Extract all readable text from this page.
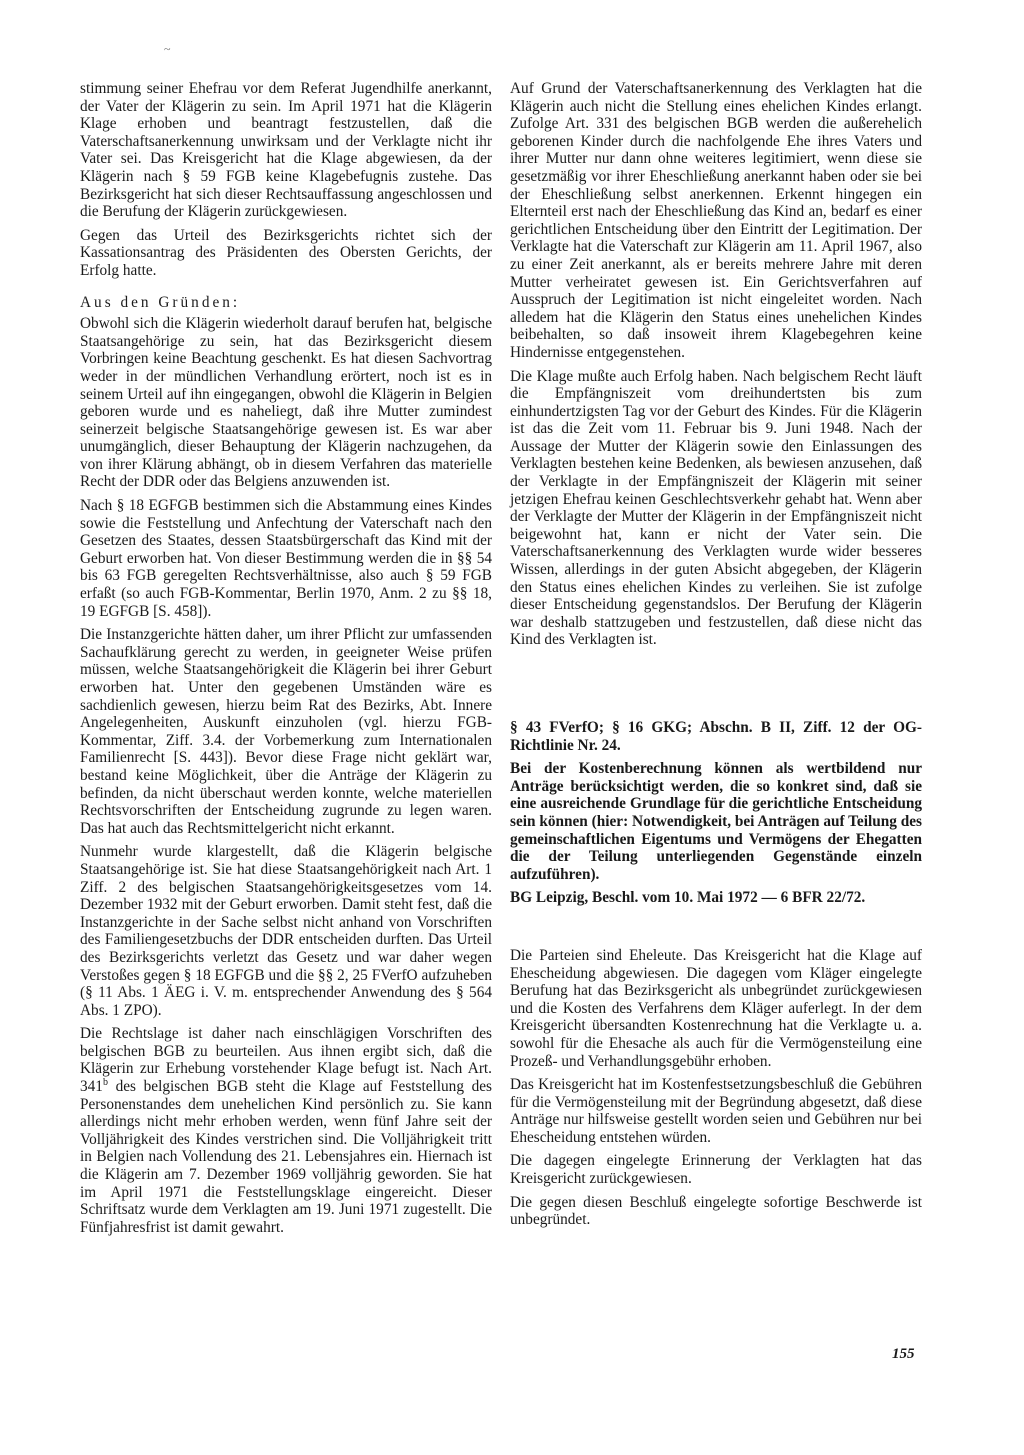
~

stimmung seiner Ehefrau vor dem Referat Jugendhilfe anerkannt, der Vater der Klägerin zu sein. Im April 1971 hat die Klägerin Klage erhoben und beantragt festzustellen, daß die Vaterschaftsanerkennung unwirksam und der Verklagte nicht ihr Vater sei. Das Kreisgericht hat die Klage abgewiesen, da der Klägerin nach § 59 FGB keine Klagebefugnis zustehe. Das Bezirksgericht hat sich dieser Rechtsauffassung angeschlossen und die Berufung der Klägerin zurückgewiesen.

Gegen das Urteil des Bezirksgerichts richtet sich der Kassationsantrag des Präsidenten des Obersten Gerichts, der Erfolg hatte.

Aus den Gründen:

Obwohl sich die Klägerin wiederholt darauf berufen hat, belgische Staatsangehörige zu sein, hat das Bezirksgericht diesem Vorbringen keine Beachtung geschenkt. Es hat diesen Sachvortrag weder in der mündlichen Verhandlung erörtert, noch ist es in seinem Urteil auf ihn eingegangen, obwohl die Klägerin in Belgien geboren wurde und es naheliegt, daß ihre Mutter zumindest seinerzeit belgische Staatsangehörige gewesen ist. Es war aber unumgänglich, dieser Behauptung der Klägerin nachzugehen, da von ihrer Klärung abhängt, ob in diesem Verfahren das materielle Recht der DDR oder das Belgiens anzuwenden ist.

Nach § 18 EGFGB bestimmen sich die Abstammung eines Kindes sowie die Feststellung und Anfechtung der Vaterschaft nach den Gesetzen des Staates, dessen Staatsbürgerschaft das Kind mit der Geburt erworben hat. Von dieser Bestimmung werden die in §§ 54 bis 63 FGB geregelten Rechtsverhältnisse, also auch § 59 FGB erfaßt (so auch FGB-Kommentar, Berlin 1970, Anm. 2 zu §§ 18, 19 EGFGB [S. 458]).

Die Instanzgerichte hätten daher, um ihrer Pflicht zur umfassenden Sachaufklärung gerecht zu werden, in geeigneter Weise prüfen müssen, welche Staatsangehörigkeit die Klägerin bei ihrer Geburt erworben hat. Unter den gegebenen Umständen wäre es sachdienlich gewesen, hierzu beim Rat des Bezirks, Abt. Innere Angelegenheiten, Auskunft einzuholen (vgl. hierzu FGB-Kommentar, Ziff. 3.4. der Vorbemerkung zum Internationalen Familienrecht [S. 443]). Bevor diese Frage nicht geklärt war, bestand keine Möglichkeit, über die Anträge der Klägerin zu befinden, da nicht überschaut werden konnte, welche materiellen Rechtsvorschriften der Entscheidung zugrunde zu legen waren. Das hat auch das Rechtsmittelgericht nicht erkannt.

Nunmehr wurde klargestellt, daß die Klägerin belgische Staatsangehörige ist. Sie hat diese Staatsangehörigkeit nach Art. 1 Ziff. 2 des belgischen Staatsangehörigkeitsgesetzes vom 14. Dezember 1932 mit der Geburt erworben. Damit steht fest, daß die Instanzgerichte in der Sache selbst nicht anhand von Vorschriften des Familiengesetzbuchs der DDR entscheiden durften. Das Urteil des Bezirksgerichts verletzt das Gesetz und war daher wegen Verstoßes gegen § 18 EGFGB und die §§ 2, 25 FVerfO aufzuheben (§ 11 Abs. 1 ÄEG i. V. m. entsprechender Anwendung des § 564 Abs. 1 ZPO).

Die Rechtslage ist daher nach einschlägigen Vorschriften des belgischen BGB zu beurteilen. Aus ihnen ergibt sich, daß die Klägerin zur Erhebung vorstehender Klage befugt ist. Nach Art. 341$^b$ des belgischen BGB steht die Klage auf Feststellung des Personenstandes dem unehelichen Kind persönlich zu. Sie kann allerdings nicht mehr erhoben werden, wenn fünf Jahre seit der Volljährigkeit des Kindes verstrichen sind. Die Volljährigkeit tritt in Belgien nach Vollendung des 21. Lebensjahres ein. Hiernach ist die Klägerin am 7. Dezember 1969 volljährig geworden. Sie hat im April 1971 die Feststellungsklage eingereicht. Dieser Schriftsatz wurde dem Verklagten am 19. Juni 1971 zugestellt. Die Fünfjahresfrist ist damit gewahrt.

Auf Grund der Vaterschaftsanerkennung des Verklagten hat die Klägerin auch nicht die Stellung eines ehelichen Kindes erlangt. Zufolge Art. 331 des belgischen BGB werden die außerehelich geborenen Kinder durch die nachfolgende Ehe ihres Vaters und ihrer Mutter nur dann ohne weiteres legitimiert, wenn diese sie gesetzmäßig vor ihrer Eheschließung anerkannt haben oder sie bei der Eheschließung selbst anerkennen. Erkennt hingegen ein Elternteil erst nach der Eheschließung das Kind an, bedarf es einer gerichtlichen Entscheidung über den Eintritt der Legitimation. Der Verklagte hat die Vaterschaft zur Klägerin am 11. April 1967, also zu einer Zeit anerkannt, als er bereits mehrere Jahre mit deren Mutter verheiratet gewesen ist. Ein Gerichtsverfahren auf Ausspruch der Legitimation ist nicht eingeleitet worden. Nach alledem hat die Klägerin den Status eines unehelichen Kindes beibehalten, so daß insoweit ihrem Klagebegehren keine Hindernisse entgegenstehen.

Die Klage mußte auch Erfolg haben. Nach belgischem Recht läuft die Empfängniszeit vom dreihundertsten bis zum einhundertzigsten Tag vor der Geburt des Kindes. Für die Klägerin ist das die Zeit vom 11. Februar bis 9. Juni 1948. Nach der Aussage der Mutter der Klägerin sowie den Einlassungen des Verklagten bestehen keine Bedenken, als bewiesen anzusehen, daß der Verklagte in der Empfängniszeit der Klägerin mit seiner jetzigen Ehefrau keinen Geschlechtsverkehr gehabt hat. Wenn aber der Verklagte der Mutter der Klägerin in der Empfängniszeit nicht beigewohnt hat, kann er nicht der Vater sein. Die Vaterschaftsanerkennung des Verklagten wurde wider besseres Wissen, allerdings in der guten Absicht abgegeben, der Klägerin den Status eines ehelichen Kindes zu verleihen. Sie ist zufolge dieser Entscheidung gegenstandslos. Der Berufung der Klägerin war deshalb stattzugeben und festzustellen, daß diese nicht das Kind des Verklagten ist.

§ 43 FVerfO; § 16 GKG; Abschn. B II, Ziff. 12 der OG-Richtlinie Nr. 24.

Bei der Kostenberechnung können als wertbildend nur Anträge berücksichtigt werden, die so konkret sind, daß sie eine ausreichende Grundlage für die gerichtliche Entscheidung sein können (hier: Notwendigkeit, bei Anträgen auf Teilung des gemeinschaftlichen Eigentums und Vermögens der Ehegatten die der Teilung unterliegenden Gegenstände einzeln aufzuführen).

BG Leipzig, Beschl. vom 10. Mai 1972 — 6 BFR 22/72.

Die Parteien sind Eheleute. Das Kreisgericht hat die Klage auf Ehescheidung abgewiesen. Die dagegen vom Kläger eingelegte Berufung hat das Bezirksgericht als unbegründet zurückgewiesen und die Kosten des Verfahrens dem Kläger auferlegt. In der dem Kreisgericht übersandten Kostenrechnung hat die Verklagte u. a. sowohl für die Ehesache als auch für die Vermögensteilung eine Prozeß- und Verhandlungsgebühr erhoben.

Das Kreisgericht hat im Kostenfestsetzungsbeschluß die Gebühren für die Vermögensteilung mit der Begründung abgesetzt, daß diese Anträge nur hilfsweise gestellt worden seien und Gebühren nur bei Ehescheidung entstehen würden.

Die dagegen eingelegte Erinnerung der Verklagten hat das Kreisgericht zurückgewiesen.

Die gegen diesen Beschluß eingelegte sofortige Beschwerde ist unbegründet.

155
